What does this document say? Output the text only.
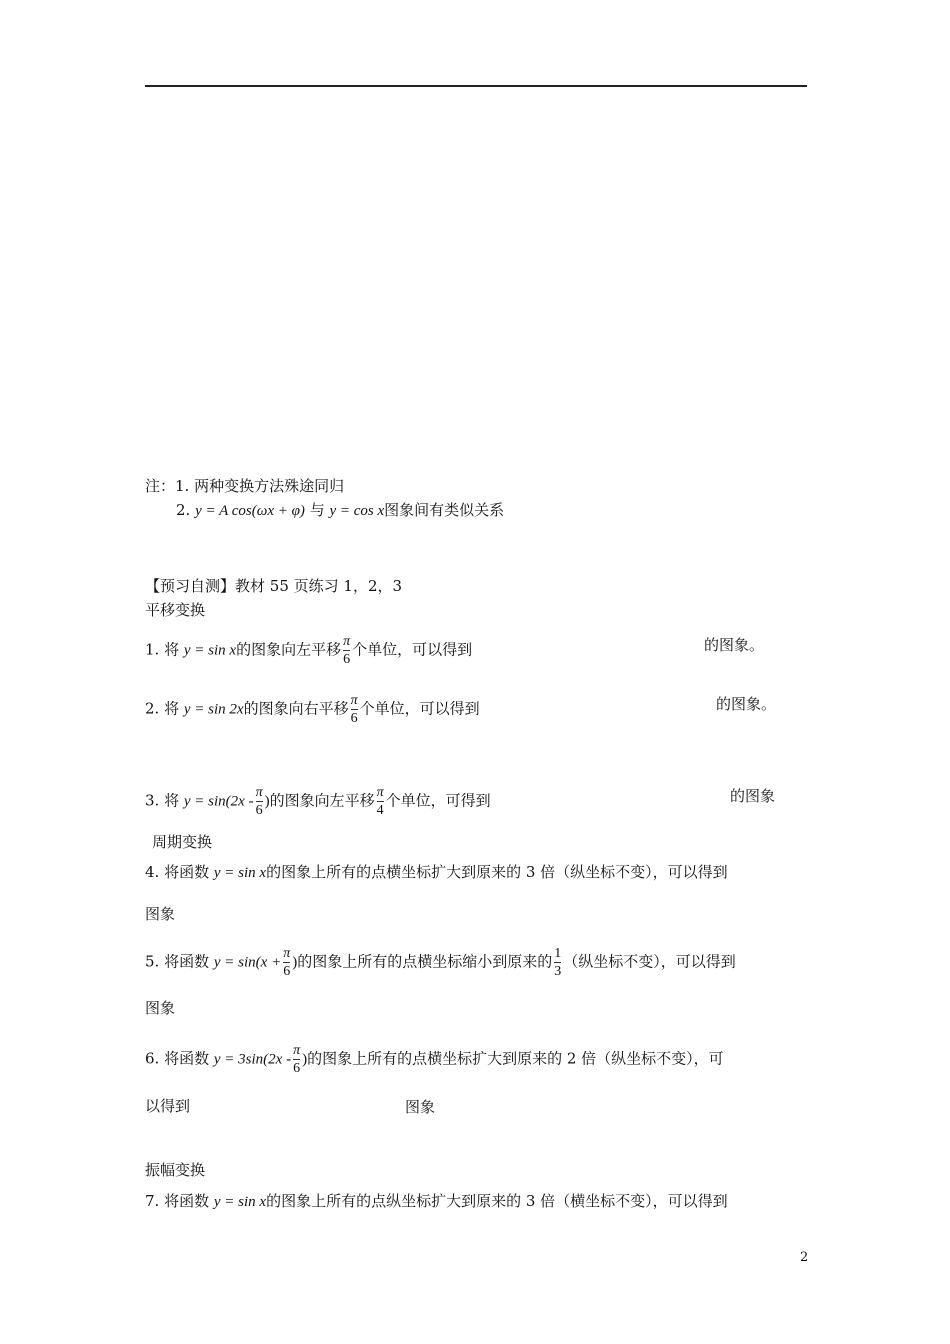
注：1. 两种变换方法殊途同归
2. y = A cos(ωx + φ) 与 y = cos x图象间有类似关系
【预习自测】教材 55 页练习 1，2，3
平移变换
1. 将 y = sin x的图象向左平移 $\frac{\pi}{6}$ 个单位，可以得到	的图象。
2. 将 y = sin 2x的图象向右平移 $\frac{\pi}{6}$ 个单位，可以得到	的图象。
3. 将 $y = \sin(2x - \frac{\pi}{6}$ )的图象向左平移 $\frac{\pi}{4}$ 个单位，可得到	的图象
周期变换
4. 将函数 y = sin x的图象上所有的点横坐标扩大到原来的 3 倍（纵坐标不变），可以得到
图象
5. 将函数 $y = \sin(x + \frac{\pi}{6}$ )的图象上所有的点横坐标缩小到原来的 $\frac{1}{3}$ （纵坐标不变），可以得到
图象
6. 将函数 $y = 3\sin(2x - \frac{\pi}{6}$ )的图象上所有的点横坐标扩大到原来的 2 倍（纵坐标不变），可
以得到	图象
振幅变换
7. 将函数 y = sin x的图象上所有的点纵坐标扩大到原来的 3 倍（横坐标不变），可以得到
2
